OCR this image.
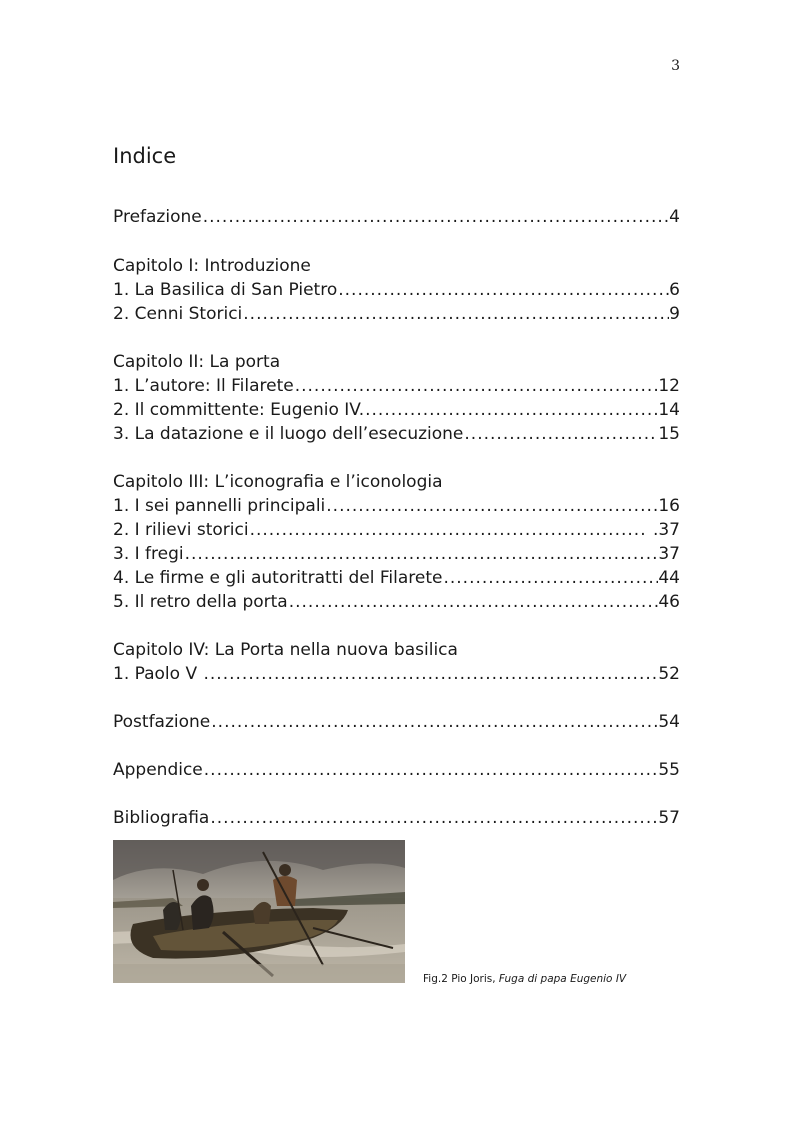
3
Indice
Prefazione .....	4
Capitolo I: Introduzione
1. La Basilica di San Pietro .....	6
2. Cenni Storici .....	9
Capitolo II: La porta
1. L’autore: Il Filarete .....	12
2. Il committente: Eugenio IV. .....	14
3. La datazione e il luogo dell’esecuzione .....	15
Capitolo III: L’iconografia e l’iconologia
1. I sei pannelli principali .....	16
2. I rilievi storici .....	.37
3. I fregi .....	37
4. Le firme e gli autoritratti del Filarete .....	44
5. Il retro della porta .....	46
Capitolo IV: La Porta nella nuova basilica
1. Paolo V .....	52
Postfazione .....	54
Appendice .....	55
Bibliografia .....	57
Fig.2 Pio Joris, Fuga di papa Eugenio IV
